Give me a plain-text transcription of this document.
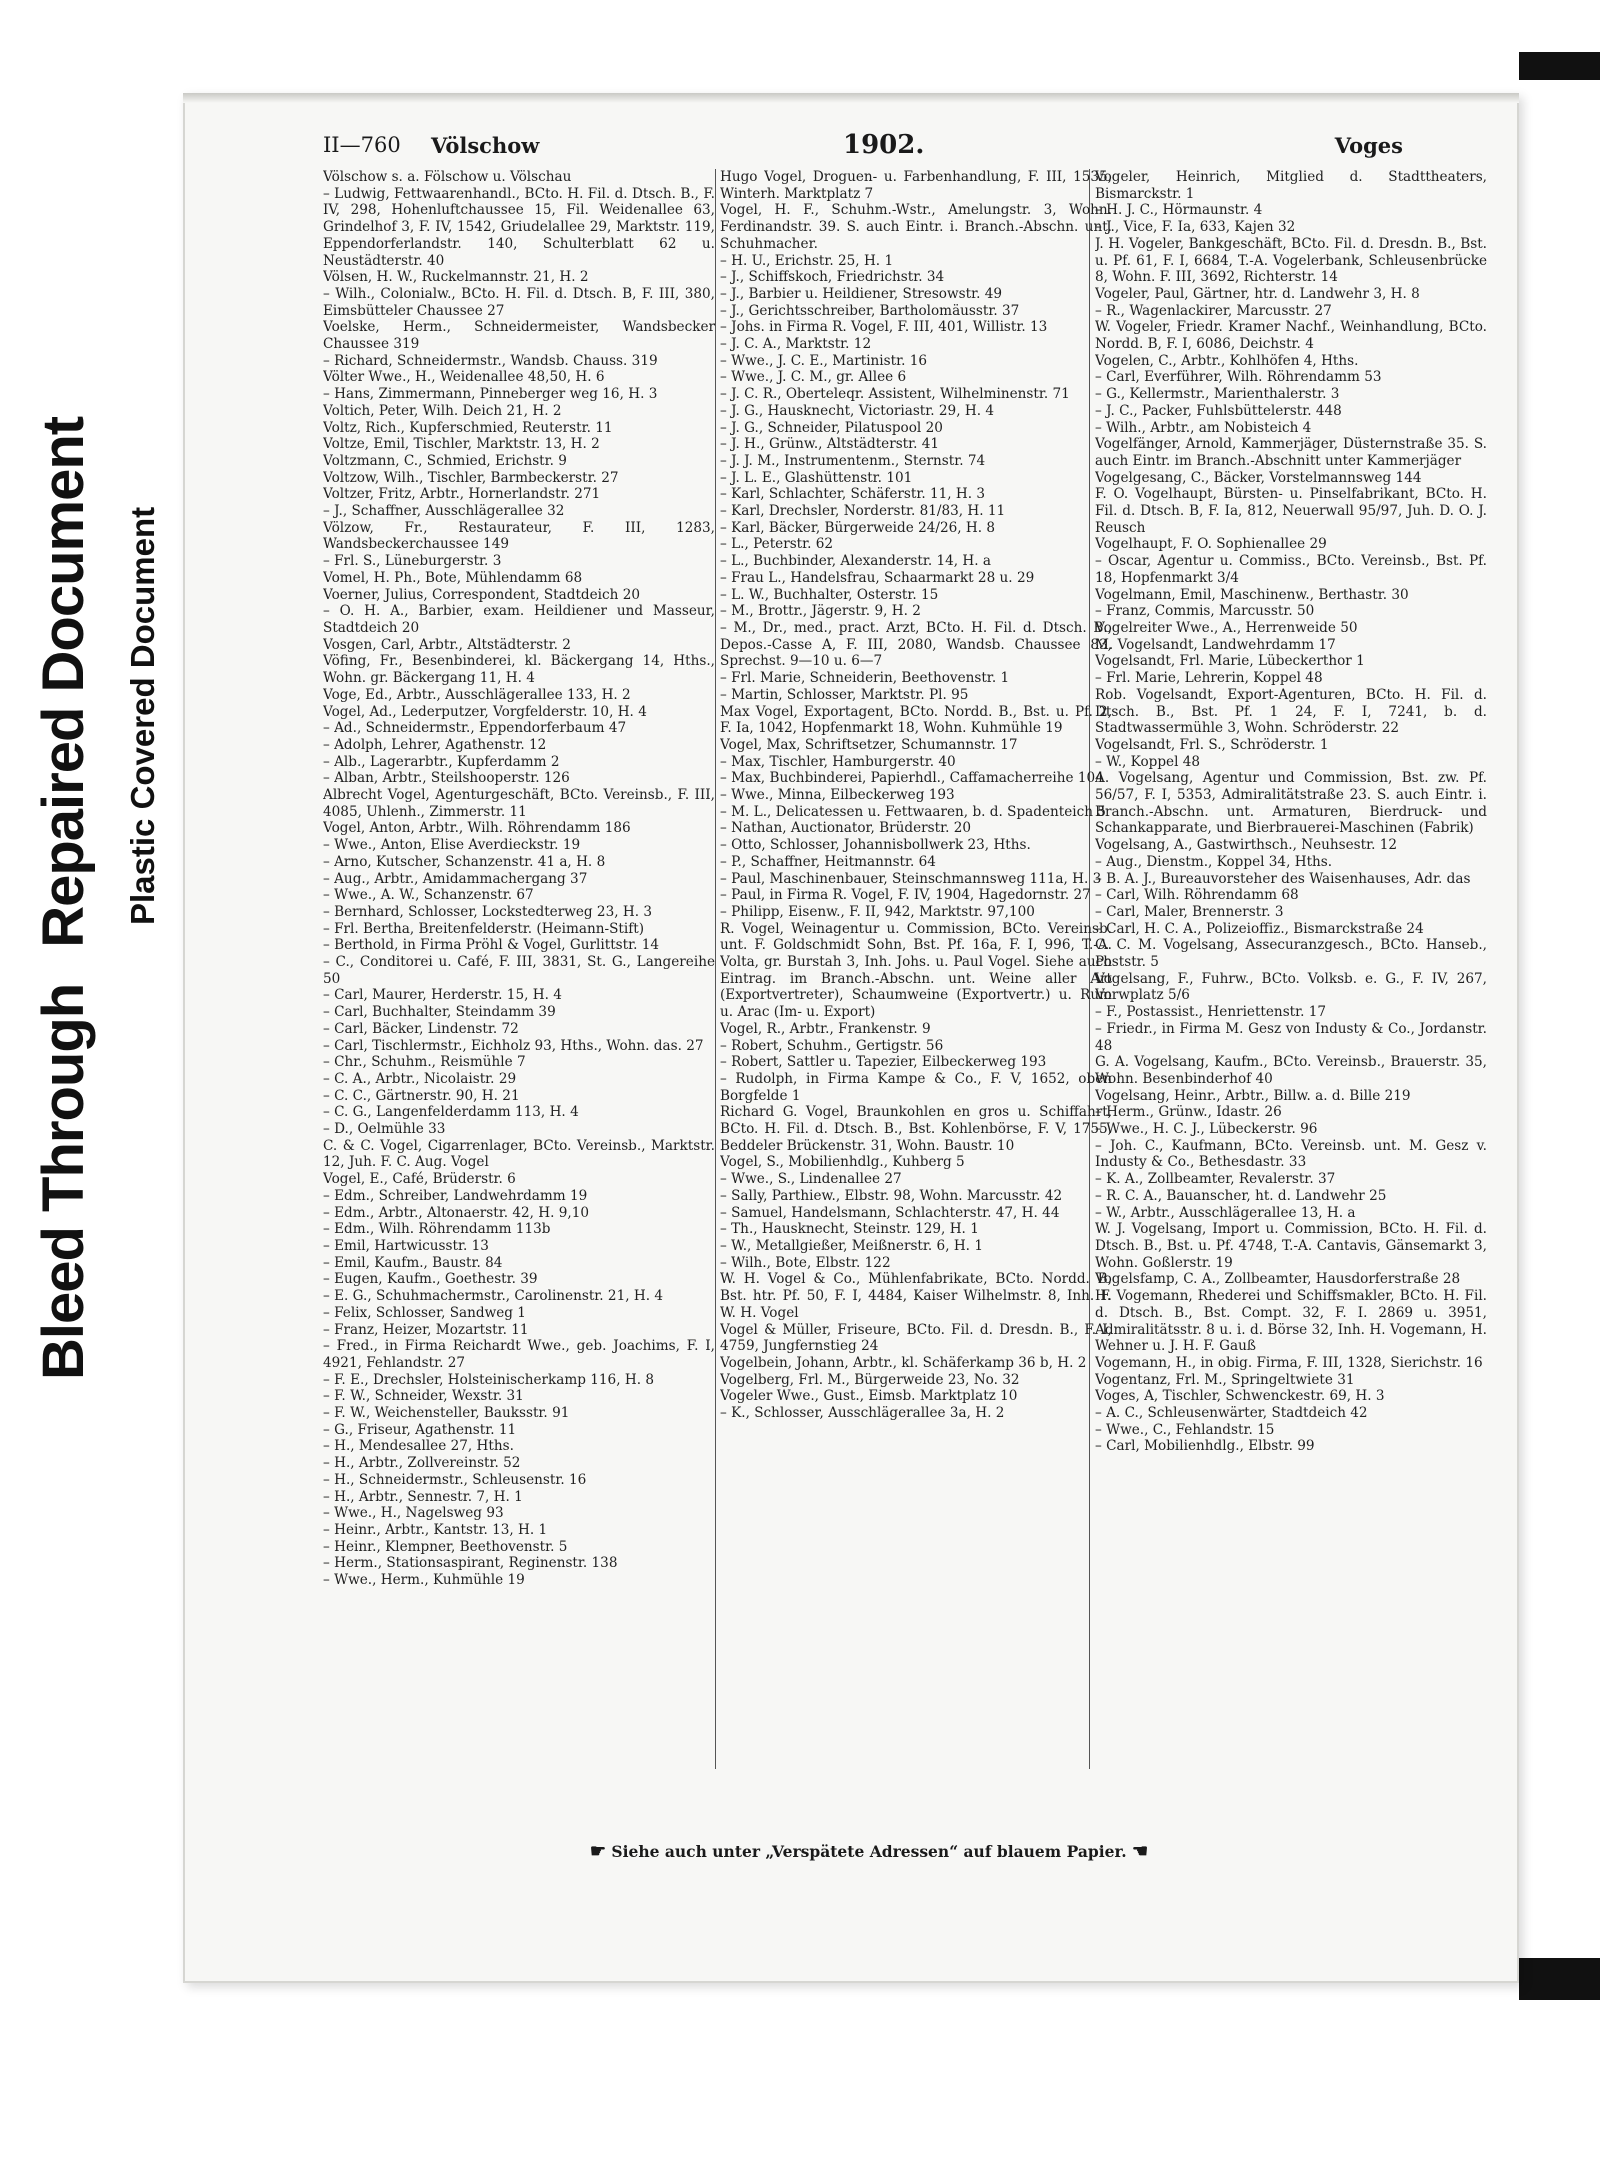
Bleed ThroughRepaired Document Plastic Covered Document
II—760 Völschow	1902.	Voges

Völschow s. a. Fölschow u. Völschau

– Ludwig, Fettwaarenhandl., BCto. H. Fil. d. Dtsch. B., F. IV, 298, Hohenluftchaussee 15, Fil. Weidenallee 63, Grindelhof 3, F. IV, 1542, Griudelallee 29, Marktstr. 119, Eppendorferlandstr. 140, Schulterblatt 62 u. Neustädterstr. 40

Völsen, H. W., Ruckelmannstr. 21, H. 2

– Wilh., Colonialw., BCto. H. Fil. d. Dtsch. B, F. III, 380, Eimsbütteler Chaussee 27

Voelske, Herm., Schneidermeister, Wandsbecker Chaussee 319

– Richard, Schneidermstr., Wandsb. Chauss. 319

Völter Wwe., H., Weidenallee 48,50, H. 6

– Hans, Zimmermann, Pinneberger weg 16, H. 3

Voltich, Peter, Wilh. Deich 21, H. 2

Voltz, Rich., Kupferschmied, Reuterstr. 11

Voltze, Emil, Tischler, Marktstr. 13, H. 2

Voltzmann, C., Schmied, Erichstr. 9

Voltzow, Wilh., Tischler, Barmbeckerstr. 27

Voltzer, Fritz, Arbtr., Hornerlandstr. 271

– J., Schaffner, Ausschlägerallee 32

Völzow, Fr., Restaurateur, F. III, 1283, Wandsbeckerchaussee 149

– Frl. S., Lüneburgerstr. 3

Vomel, H. Ph., Bote, Mühlendamm 68

Voerner, Julius, Correspondent, Stadtdeich 20

– O. H. A., Barbier, exam. Heildiener und Masseur, Stadtdeich 20

Vosgen, Carl, Arbtr., Altstädterstr. 2

Vöfing, Fr., Besenbinderei, kl. Bäckergang 14, Hths., Wohn. gr. Bäckergang 11, H. 4

Voge, Ed., Arbtr., Ausschlägerallee 133, H. 2

Vogel, Ad., Lederputzer, Vorgfelderstr. 10, H. 4

– Ad., Schneidermstr., Eppendorferbaum 47

– Adolph, Lehrer, Agathenstr. 12

– Alb., Lagerarbtr., Kupferdamm 2

– Alban, Arbtr., Steilshooperstr. 126

Albrecht Vogel, Agenturgeschäft, BCto. Vereinsb., F. III, 4085, Uhlenh., Zimmerstr. 11

Vogel, Anton, Arbtr., Wilh. Röhrendamm 186

– Wwe., Anton, Elise Averdieckstr. 19

– Arno, Kutscher, Schanzenstr. 41 a, H. 8

– Aug., Arbtr., Amidammachergang 37

– Wwe., A. W., Schanzenstr. 67

– Bernhard, Schlosser, Lockstedterweg 23, H. 3

– Frl. Bertha, Breitenfelderstr. (Heimann-Stift)

– Berthold, in Firma Pröhl & Vogel, Gurlittstr. 14

– C., Conditorei u. Café, F. III, 3831, St. G., Langereihe 50

– Carl, Maurer, Herderstr. 15, H. 4

– Carl, Buchhalter, Steindamm 39

– Carl, Bäcker, Lindenstr. 72

– Carl, Tischlermstr., Eichholz 93, Hths., Wohn. das. 27

– Chr., Schuhm., Reismühle 7

– C. A., Arbtr., Nicolaistr. 29

– C. C., Gärtnerstr. 90, H. 21

– C. G., Langenfelderdamm 113, H. 4

– D., Oelmühle 33

C. & C. Vogel, Cigarrenlager, BCto. Vereinsb., Marktstr. 12, Juh. F. C. Aug. Vogel

Vogel, E., Café, Brüderstr. 6

– Edm., Schreiber, Landwehrdamm 19

– Edm., Arbtr., Altonaerstr. 42, H. 9,10

– Edm., Wilh. Röhrendamm 113b

– Emil, Hartwicusstr. 13

– Emil, Kaufm., Baustr. 84

– Eugen, Kaufm., Goethestr. 39

– E. G., Schuhmachermstr., Carolinenstr. 21, H. 4

– Felix, Schlosser, Sandweg 1

– Franz, Heizer, Mozartstr. 11

– Fred., in Firma Reichardt Wwe., geb. Joachims, F. I, 4921, Fehlandstr. 27

– F. E., Drechsler, Holsteinischerkamp 116, H. 8

– F. W., Schneider, Wexstr. 31

– F. W., Weichensteller, Bauksstr. 91

– G., Friseur, Agathenstr. 11

– H., Mendesallee 27, Hths.

– H., Arbtr., Zollvereinstr. 52

– H., Schneidermstr., Schleusenstr. 16

– H., Arbtr., Sennestr. 7, H. 1

– Wwe., H., Nagelsweg 93

– Heinr., Arbtr., Kantstr. 13, H. 1

– Heinr., Klempner, Beethovenstr. 5

– Herm., Stationsaspirant, Reginenstr. 138

– Wwe., Herm., Kuhmühle 19

Hugo Vogel, Droguen- u. Farbenhandlung, F. III, 1535, Winterh. Marktplatz 7

Vogel, H. F., Schuhm.-Wstr., Amelungstr. 3, Wohn. Ferdinandstr. 39. S. auch Eintr. i. Branch.-Abschn. unt. Schuhmacher.

– H. U., Erichstr. 25, H. 1

– J., Schiffskoch, Friedrichstr. 34

– J., Barbier u. Heildiener, Stresowstr. 49

– J., Gerichtsschreiber, Bartholomäusstr. 37

– Johs. in Firma R. Vogel, F. III, 401, Willistr. 13

– J. C. A., Marktstr. 12

– Wwe., J. C. E., Martinistr. 16

– Wwe., J. C. M., gr. Allee 6

– J. C. R., Oberteleqr. Assistent, Wilhelminenstr. 71

– J. G., Hausknecht, Victoriastr. 29, H. 4

– J. G., Schneider, Pilatuspool 20

– J. H., Grünw., Altstädterstr. 41

– J. J. M., Instrumentenm., Sternstr. 74

– J. L. E., Glashüttenstr. 101

– Karl, Schlachter, Schäferstr. 11, H. 3

– Karl, Drechsler, Norderstr. 81/83, H. 11

– Karl, Bäcker, Bürgerweide 24/26, H. 8

– L., Peterstr. 62

– L., Buchbinder, Alexanderstr. 14, H. a

– Frau L., Handelsfrau, Schaarmarkt 28 u. 29

– L. W., Buchhalter, Osterstr. 15

– M., Brottr., Jägerstr. 9, H. 2

– M., Dr., med., pract. Arzt, BCto. H. Fil. d. Dtsch. B., Depos.-Casse A, F. III, 2080, Wandsb. Chaussee 83, Sprechst. 9—10 u. 6—7

– Frl. Marie, Schneiderin, Beethovenstr. 1

– Martin, Schlosser, Marktstr. Pl. 95

Max Vogel, Exportagent, BCto. Nordd. B., Bst. u. Pf. 2, F. Ia, 1042, Hopfenmarkt 18, Wohn. Kuhmühle 19

Vogel, Max, Schriftsetzer, Schumannstr. 17

– Max, Tischler, Hamburgerstr. 40

– Max, Buchbinderei, Papierhdl., Caffamacherreihe 104

– Wwe., Minna, Eilbeckerweg 193

– M. L., Delicatessen u. Fettwaaren, b. d. Spadenteich 5

– Nathan, Auctionator, Brüderstr. 20

– Otto, Schlosser, Johannisbollwerk 23, Hths.

– P., Schaffner, Heitmannstr. 64

– Paul, Maschinenbauer, Steinschmannsweg 111a, H. 3

– Paul, in Firma R. Vogel, F. IV, 1904, Hagedornstr. 27

– Philipp, Eisenw., F. II, 942, Marktstr. 97,100

R. Vogel, Weinagentur u. Commission, BCto. Vereinsb. unt. F. Goldschmidt Sohn, Bst. Pf. 16a, F. I, 996, T.-A. Volta, gr. Burstah 3, Inh. Johs. u. Paul Vogel. Siehe auch Eintrag. im Branch.-Abschn. unt. Weine aller Art (Exportvertreter), Schaumweine (Exportvertr.) u. Rum u. Arac (Im- u. Export)

Vogel, R., Arbtr., Frankenstr. 9

– Robert, Schuhm., Gertigstr. 56

– Robert, Sattler u. Tapezier, Eilbeckerweg 193

– Rudolph, in Firma Kampe & Co., F. V, 1652, oben Borgfelde 1

Richard G. Vogel, Braunkohlen en gros u. Schiffahrt, BCto. H. Fil. d. Dtsch. B., Bst. Kohlenbörse, F. V, 1755, Beddeler Brückenstr. 31, Wohn. Baustr. 10

Vogel, S., Mobilienhdlg., Kuhberg 5

– Wwe., S., Lindenallee 27

– Sally, Parthiew., Elbstr. 98, Wohn. Marcusstr. 42

– Samuel, Handelsmann, Schlachterstr. 47, H. 44

– Th., Hausknecht, Steinstr. 129, H. 1

– W., Metallgießer, Meißnerstr. 6, H. 1

– Wilh., Bote, Elbstr. 122

W. H. Vogel & Co., Mühlenfabrikate, BCto. Nordd. B, Bst. htr. Pf. 50, F. I, 4484, Kaiser Wilhelmstr. 8, Inh. F. W. H. Vogel

Vogel & Müller, Friseure, BCto. Fil. d. Dresdn. B., F. I, 4759, Jungfernstieg 24

Vogelbein, Johann, Arbtr., kl. Schäferkamp 36 b, H. 2

Vogelberg, Frl. M., Bürgerweide 23, No. 32

Vogeler Wwe., Gust., Eimsb. Marktplatz 10

– K., Schlosser, Ausschlägerallee 3a, H. 2

Vogeler, Heinrich, Mitglied d. Stadttheaters, Bismarckstr. 1

– H. J. C., Hörmaunstr. 4

– J., Vice, F. Ia, 633, Kajen 32

J. H. Vogeler, Bankgeschäft, BCto. Fil. d. Dresdn. B., Bst. u. Pf. 61, F. I, 6684, T.-A. Vogelerbank, Schleusenbrücke 8, Wohn. F. III, 3692, Richterstr. 14

Vogeler, Paul, Gärtner, htr. d. Landwehr 3, H. 8

– R., Wagenlackirer, Marcusstr. 27

W. Vogeler, Friedr. Kramer Nachf., Weinhandlung, BCto. Nordd. B, F. I, 6086, Deichstr. 4

Vogelen, C., Arbtr., Kohlhöfen 4, Hths.

– Carl, Everführer, Wilh. Röhrendamm 53

– G., Kellermstr., Marienthalerstr. 3

– J. C., Packer, Fuhlsbüttelerstr. 448

– Wilh., Arbtr., am Nobisteich 4

Vogelfänger, Arnold, Kammerjäger, Düsternstraße 35. S. auch Eintr. im Branch.-Abschnitt unter Kammerjäger

Vogelgesang, C., Bäcker, Vorstelmannsweg 144

F. O. Vogelhaupt, Bürsten- u. Pinselfabrikant, BCto. H. Fil. d. Dtsch. B, F. Ia, 812, Neuerwall 95/97, Juh. D. O. J. Reusch

Vogelhaupt, F. O. Sophienallee 29

– Oscar, Agentur u. Commiss., BCto. Vereinsb., Bst. Pf. 18, Hopfenmarkt 3/4

Vogelmann, Emil, Maschinenw., Berthastr. 30

– Franz, Commis, Marcusstr. 50

Vogelreiter Wwe., A., Herrenweide 50

M. Vogelsandt, Landwehrdamm 17

Vogelsandt, Frl. Marie, Lübeckerthor 1

– Frl. Marie, Lehrerin, Koppel 48

Rob. Vogelsandt, Export-Agenturen, BCto. H. Fil. d. Dtsch. B., Bst. Pf. 1 24, F. I, 7241, b. d. Stadtwassermühle 3, Wohn. Schröderstr. 22

Vogelsandt, Frl. S., Schröderstr. 1

– W., Koppel 48

A. Vogelsang, Agentur und Commission, Bst. zw. Pf. 56/57, F. I, 5353, Admiralitätstraße 23. S. auch Eintr. i. Branch.-Abschn. unt. Armaturen, Bierdruck- und Schankapparate, und Bierbrauerei-Maschinen (Fabrik)

Vogelsang, A., Gastwirthsch., Neuhsestr. 12

– Aug., Dienstm., Koppel 34, Hths.

– B. A. J., Bureauvorsteher des Waisenhauses, Adr. das

– Carl, Wilh. Röhrendamm 68

– Carl, Maler, Brennerstr. 3

– Carl, H. C. A., Polizeioffiz., Bismarckstraße 24

C. C. M. Vogelsang, Assecuranzgesch., BCto. Hanseb., Poststr. 5

Vogelsang, F., Fuhrw., BCto. Volksb. e. G., F. IV, 267, Vorwplatz 5/6

– F., Postassist., Henriettenstr. 17

– Friedr., in Firma M. Gesz von Industy & Co., Jordanstr. 48

G. A. Vogelsang, Kaufm., BCto. Vereinsb., Brauerstr. 35, Wohn. Besenbinderhof 40

Vogelsang, Heinr., Arbtr., Billw. a. d. Bille 219

– Herm., Grünw., Idastr. 26

– Wwe., H. C. J., Lübeckerstr. 96

– Joh. C., Kaufmann, BCto. Vereinsb. unt. M. Gesz v. Industy & Co., Bethesdastr. 33

– K. A., Zollbeamter, Revalerstr. 37

– R. C. A., Bauanscher, ht. d. Landwehr 25

– W., Arbtr., Ausschlägerallee 13, H. a

W. J. Vogelsang, Import u. Commission, BCto. H. Fil. d. Dtsch. B., Bst. u. Pf. 4748, T.-A. Cantavis, Gänsemarkt 3, Wohn. Goßlerstr. 19

Vogelsfamp, C. A., Zollbeamter, Hausdorferstraße 28

H. Vogemann, Rhederei und Schiffsmakler, BCto. H. Fil. d. Dtsch. B., Bst. Compt. 32, F. I. 2869 u. 3951, Admiralitätsstr. 8 u. i. d. Börse 32, Inh. H. Vogemann, H. Wehner u. J. H. F. Gauß

Vogemann, H., in obig. Firma, F. III, 1328, Sierichstr. 16

Vogentanz, Frl. M., Springeltwiete 31

Voges, A, Tischler, Schwenckestr. 69, H. 3

– A. C., Schleusenwärter, Stadtdeich 42

– Wwe., C., Fehlandstr. 15

– Carl, Mobilienhdlg., Elbstr. 99

☛ Siehe auch unter „Verspätete Adressen“ auf blauem Papier. ☚
